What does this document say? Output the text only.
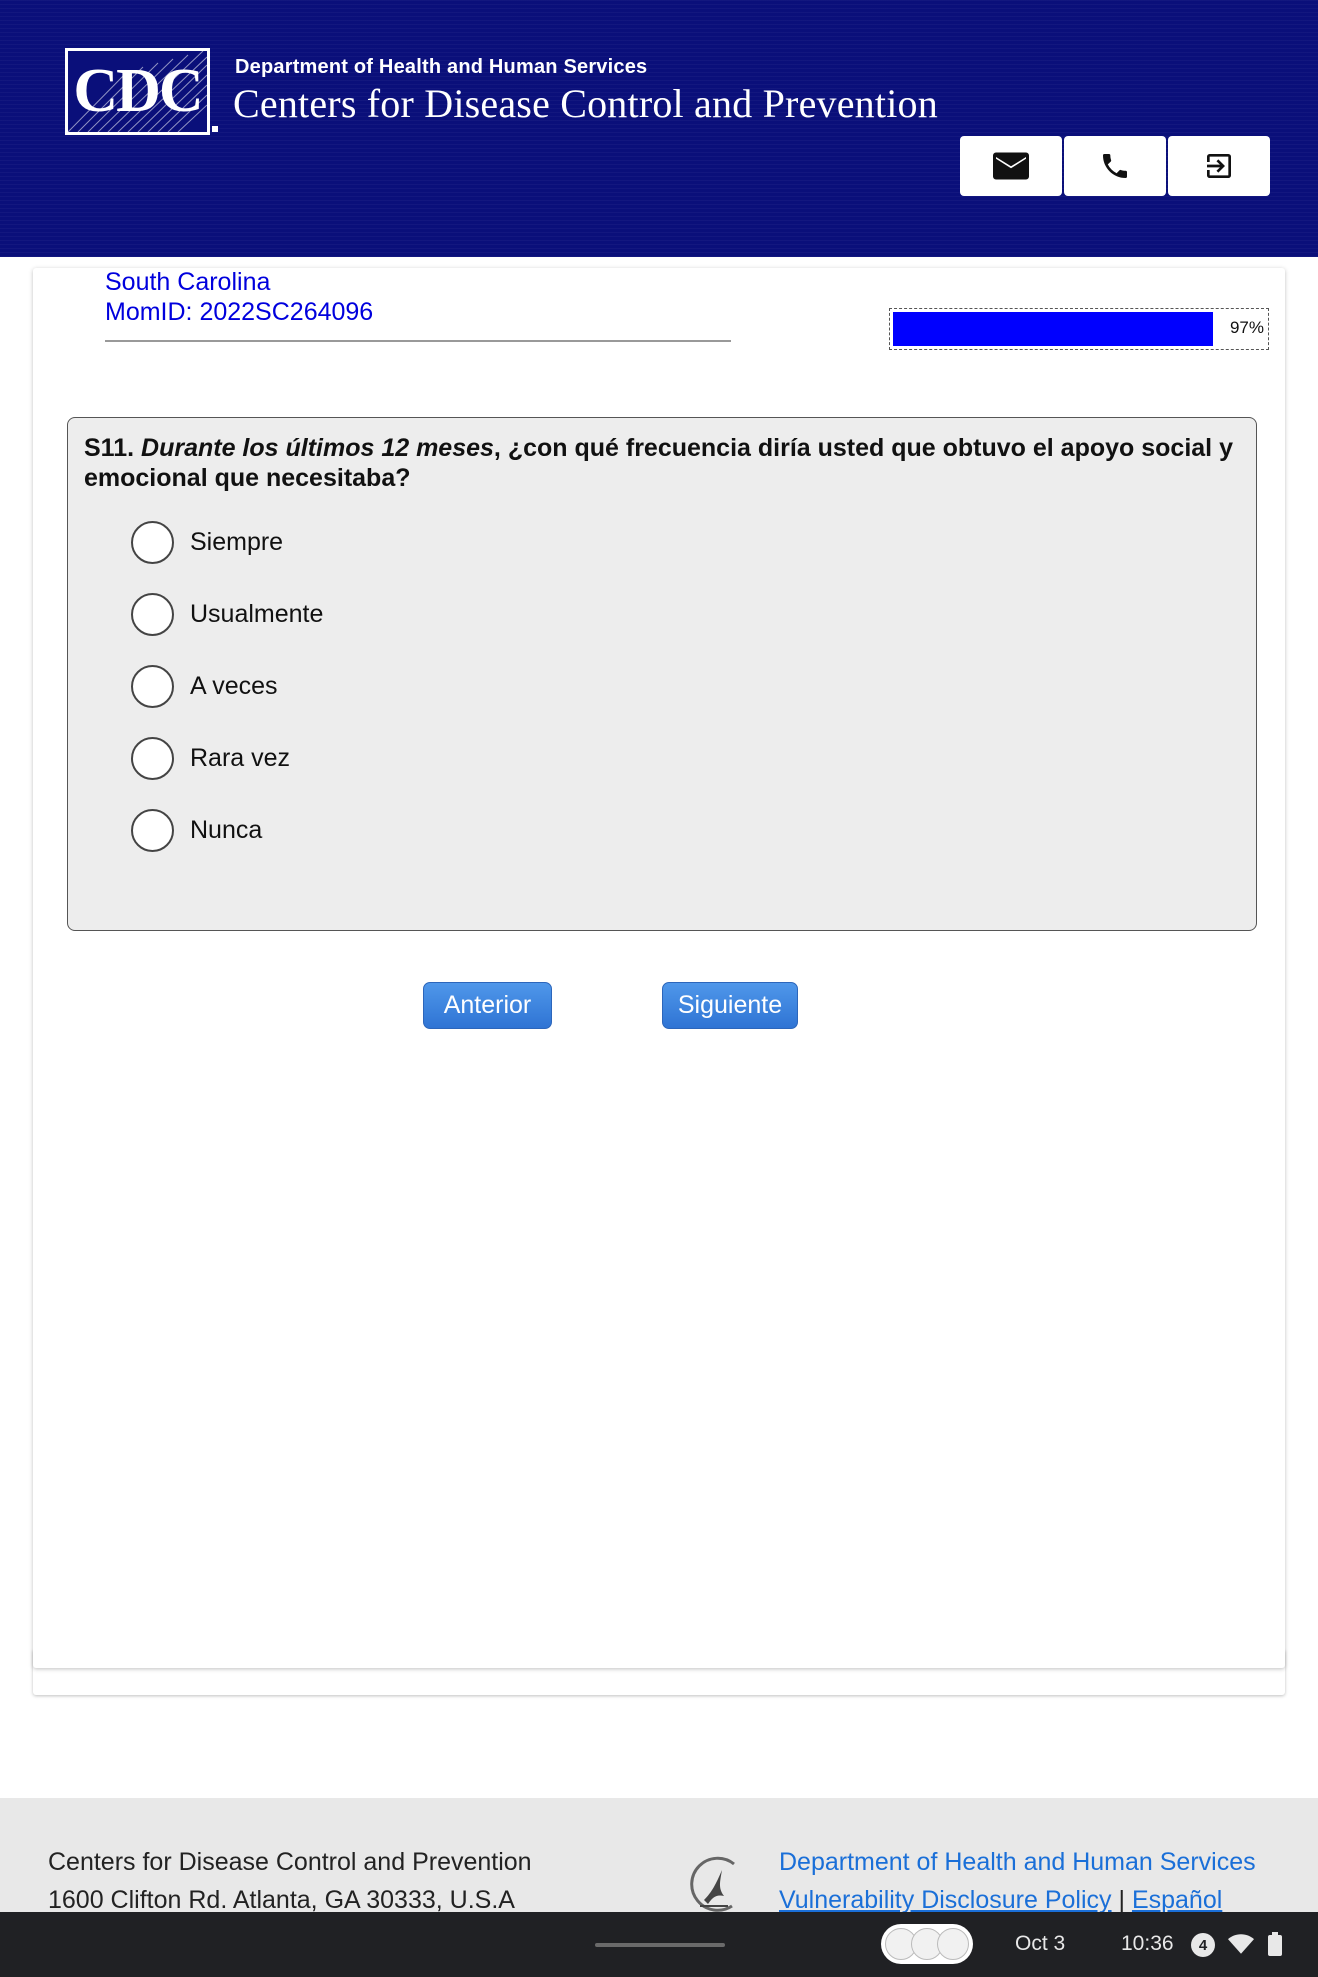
CDC Department of Health and Human Services
Centers for Disease Control and Prevention
South Carolina
MomID: 2022SC264096
97%
S11. Durante los últimos 12 meses, ¿con qué frecuencia diría usted que obtuvo el apoyo social y emocional que necesitaba?
Siempre
Usualmente
A veces
Rara vez
Nunca
Anterior	Siguiente
Centers for Disease Control and Prevention
1600 Clifton Rd. Atlanta, GA 30333, U.S.A
Department of Health and Human Services
Vulnerability Disclosure Policy | Español
Oct 3	10:36	4
